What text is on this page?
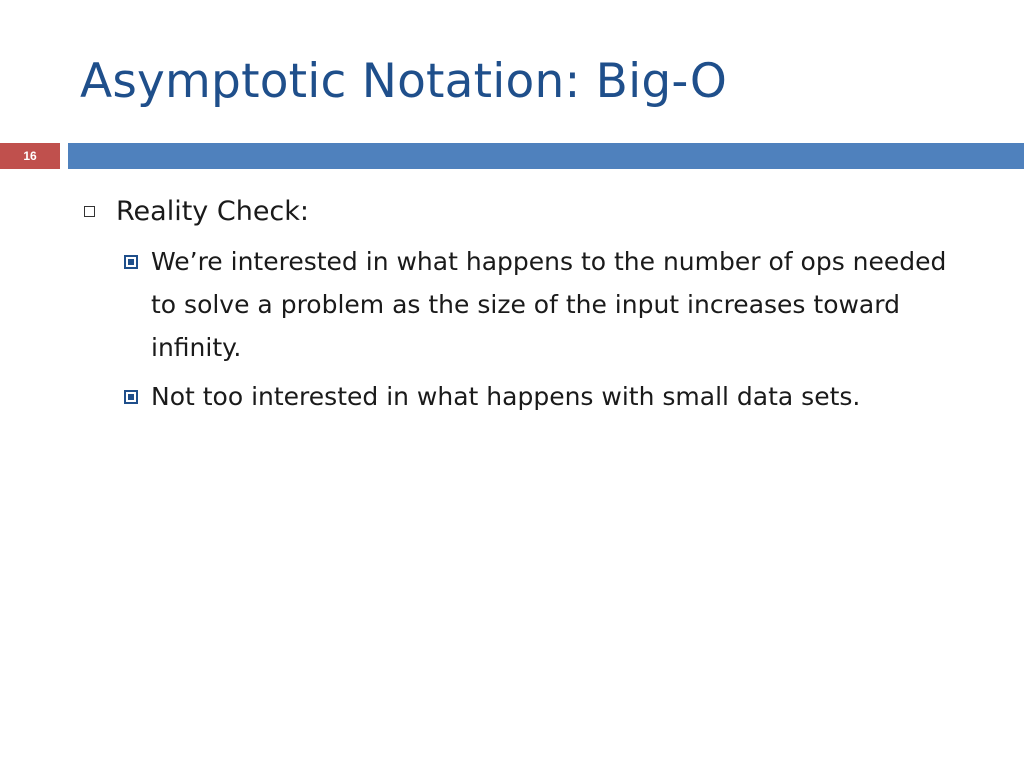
Asymptotic Notation: Big-O
16
Reality Check:
We’re interested in what happens to the number of ops needed to solve a problem as the size of the input increases toward infinity.
Not too interested in what happens with small data sets.
